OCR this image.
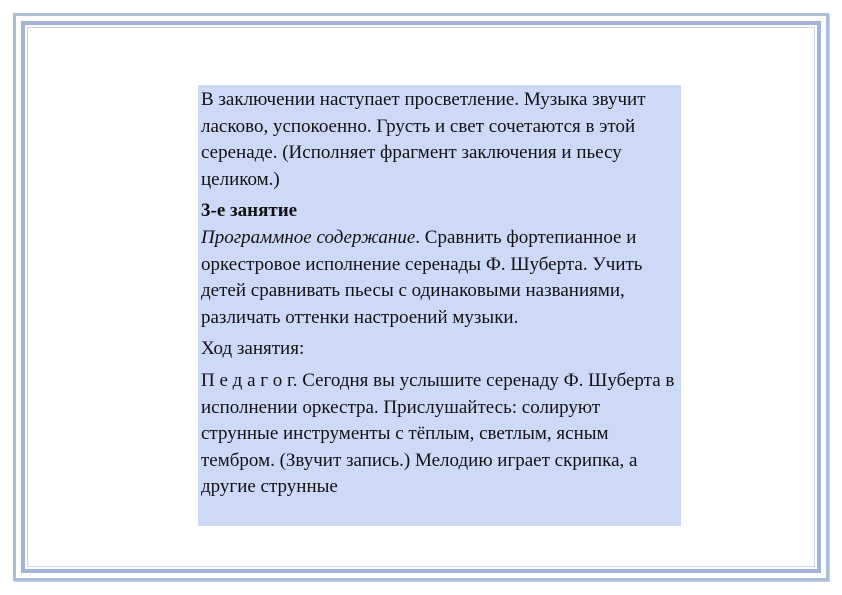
В заключении наступает просветление. Музыка звучит ласково, успокоенно. Грусть и свет сочетаются в этой серенаде. (Исполняет фрагмент заключения и пьесу целиком.)

3-е занятие
Программное содержание. Сравнить фортепианное и оркестровое исполнение серенады Ф. Шуберта. Учить детей сравнивать пьесы с одинаковыми названиями, различать оттенки настроений музыки.

Ход занятия:

П е д а г о г. Сегодня вы услышите серенаду Ф. Шуберта в исполнении оркестра. Прислушайтесь: солируют струнные инструменты с тёплым, светлым, ясным тембром. (Звучит запись.) Мелодию играет скрипка, а другие струнные
